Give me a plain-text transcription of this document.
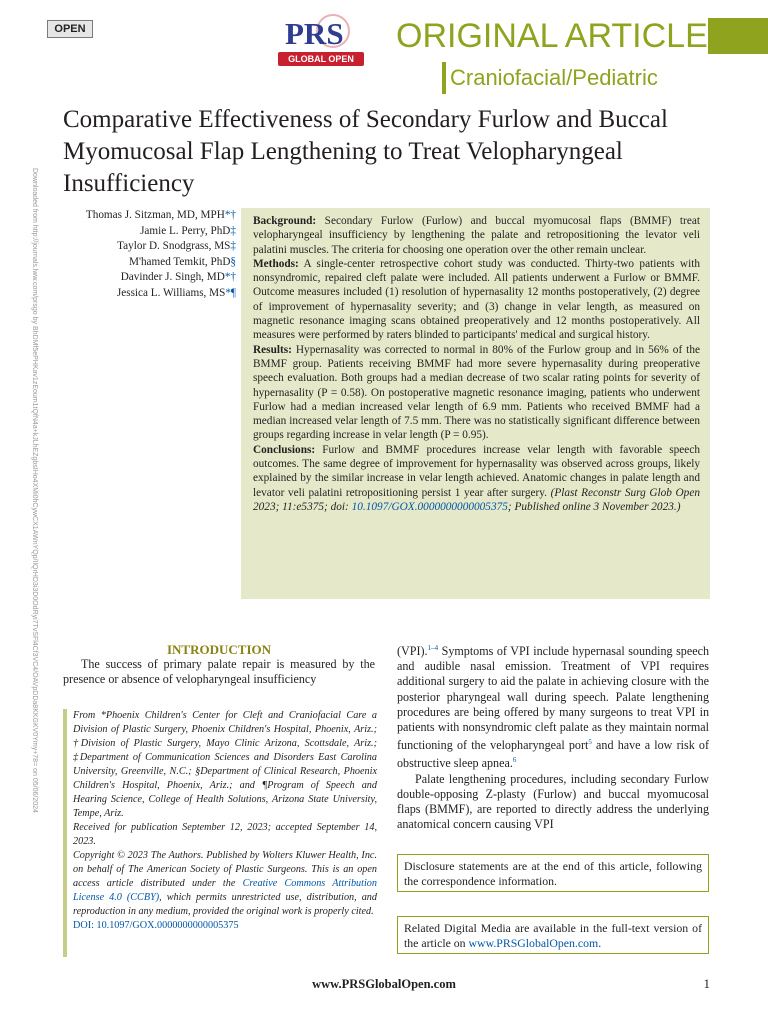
OPEN	PRS
GLOBAL OPEN
ORIGINAL ARTICLE
Craniofacial/Pediatric
Comparative Effectiveness of Secondary Furlow and Buccal Myomucosal Flap Lengthening to Treat Velopharyngeal Insufficiency
Downloaded from http://journals.lww.com/prsgo by BhDMf5ePHKav1zEoum1tQfN4a+kJLhEZgbsIHo4XMi0hCywCX1AWnYQp/IlQrHD3i3D0OdRyi7TvSFl4Cf3VC4/OAVpDDa8KKGKV0Ymy+78= on 05/06/2024	Thomas J. Sitzman, MD, MPH*†
Jamie L. Perry, PhD‡
Taylor D. Snodgrass, MS‡
M'hamed Temkit, PhD§
Davinder J. Singh, MD*†
Jessica L. Williams, MS*¶

Background: Secondary Furlow (Furlow) and buccal myomucosal flaps (BMMF) treat velopharyngeal insufficiency by lengthening the palate and retropositioning the levator veli palatini muscles. The criteria for choosing one operation over the other remain unclear.
Methods: A single-center retrospective cohort study was conducted. Thirty-two patients with nonsyndromic, repaired cleft palate were included. All patients underwent a Furlow or BMMF. Outcome measures included (1) resolution of hypernasality 12 months postoperatively, (2) degree of improvement of hypernasality severity; and (3) change in velar length, as measured on magnetic resonance imaging scans obtained preoperatively and 12 months postoperatively. All measures were performed by raters blinded to participants' medical and surgical history.
Results: Hypernasality was corrected to normal in 80% of the Furlow group and in 56% of the BMMF group. Patients receiving BMMF had more severe hypernasality during preoperative speech evaluation. Both groups had a median decrease of two scalar rating points for severity of hypernasality (P = 0.58). On postoperative magnetic resonance imaging, patients who underwent Furlow had a median increased velar length of 6.9 mm. Patients who received BMMF had a median increased velar length of 7.5 mm. There was no statistically significant difference between groups regarding increase in velar length (P = 0.95).
Conclusions: Furlow and BMMF procedures increase velar length with favorable speech outcomes. The same degree of improvement for hypernasality was observed across groups, likely explained by the similar increase in velar length achieved. Anatomic changes in palate length and levator veli palatini retropositioning persist 1 year after surgery. (Plast Reconstr Surg Glob Open 2023; 11:e5375; doi: 10.1097/GOX.0000000000005375; Published online 3 November 2023.)

INTRODUCTION
The success of primary palate repair is measured by the presence or absence of velopharyngeal insufficiency

From *Phoenix Children's Center for Cleft and Craniofacial Care a Division of Plastic Surgery, Phoenix Children's Hospital, Phoenix, Ariz.; †Division of Plastic Surgery, Mayo Clinic Arizona, Scottsdale, Ariz.; ‡Department of Communication Sciences and Disorders East Carolina University, Greenville, N.C.; §Department of Clinical Research, Phoenix Children's Hospital, Phoenix, Ariz.; and ¶Program of Speech and Hearing Science, College of Health Solutions, Arizona State University, Tempe, Ariz.

Received for publication September 12, 2023; accepted September 14, 2023.

Copyright © 2023 The Authors. Published by Wolters Kluwer Health, Inc. on behalf of The American Society of Plastic Surgeons. This is an open access article distributed under the Creative Commons Attribution License 4.0 (CCBY), which permits unrestricted use, distribution, and reproduction in any medium, provided the original work is properly cited.

DOI: 10.1097/GOX.0000000000005375

(VPI).$^{1-4}$ Symptoms of VPI include hypernasal sounding speech and audible nasal emission. Treatment of VPI requires additional surgery to aid the palate in achieving closure with the posterior pharyngeal wall during speech. Palate lengthening procedures are being offered by many surgeons to treat VPI in patients with nonsyndromic cleft palate as they maintain normal functioning of the velopharyngeal port$^5$ and have a low risk of obstructive sleep apnea.$^6$

Palate lengthening procedures, including secondary Furlow double-opposing Z-plasty (Furlow) and buccal myomucosal flaps (BMMF), are reported to directly address the underlying anatomical concern causing VPI

Disclosure statements are at the end of this article, following the correspondence information.
Related Digital Media are available in the full-text version of the article on www.PRSGlobalOpen.com.
www.PRSGlobalOpen.com	1
